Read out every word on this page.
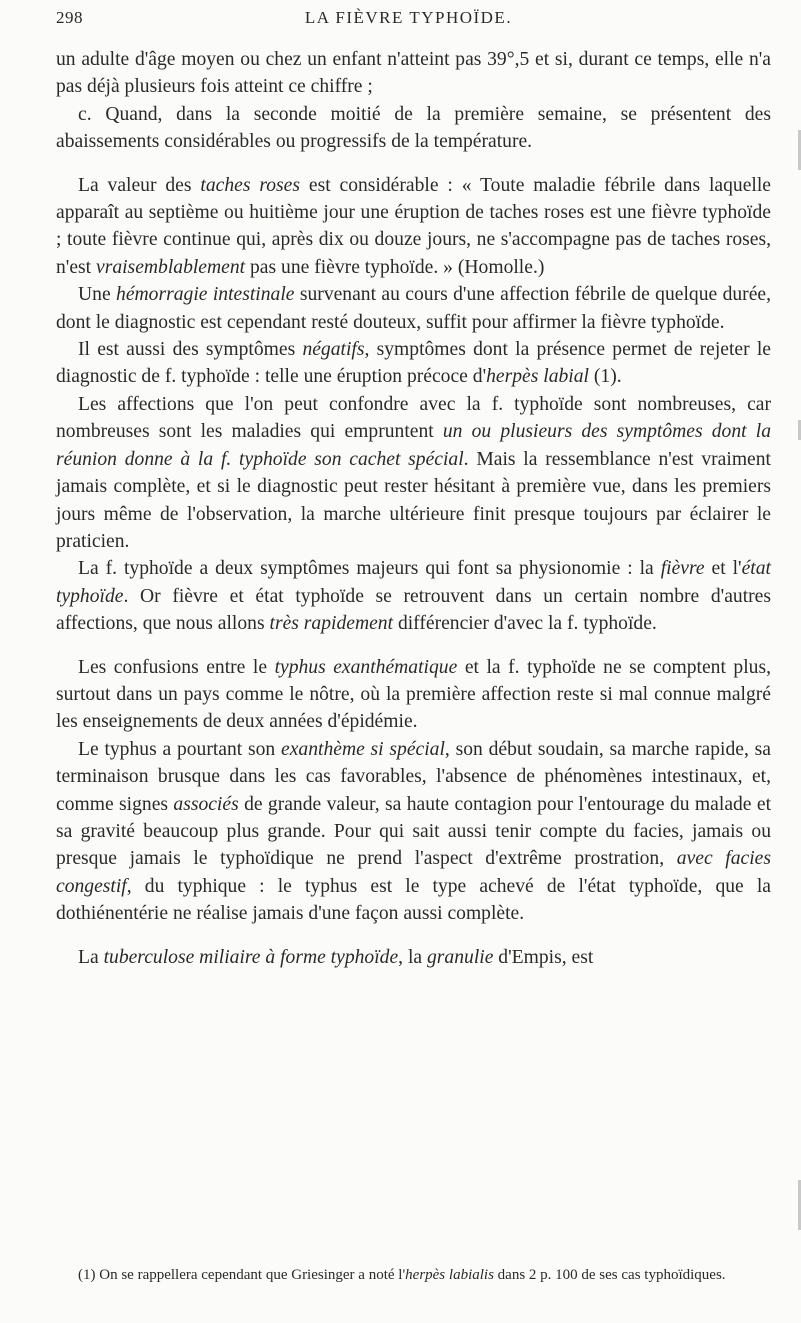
298	LA FIÈVRE TYPHOÏDE.

un adulte d'âge moyen ou chez un enfant n'atteint pas 39°,5 et si, durant ce temps, elle n'a pas déjà plusieurs fois atteint ce chiffre ;

c. Quand, dans la seconde moitié de la première semaine, se présentent des abaissements considérables ou progressifs de la température.

La valeur des taches roses est considérable : « Toute maladie fébrile dans laquelle apparaît au septième ou huitième jour une éruption de taches roses est une fièvre typhoïde ; toute fièvre continue qui, après dix ou douze jours, ne s'accompagne pas de taches roses, n'est vraisemblablement pas une fièvre typhoïde. » (Homolle.)

Une hémorragie intestinale survenant au cours d'une affection fébrile de quelque durée, dont le diagnostic est cependant resté douteux, suffit pour affirmer la fièvre typhoïde.

Il est aussi des symptômes négatifs, symptômes dont la présence permet de rejeter le diagnostic de f. typhoïde : telle une éruption précoce d'herpès labial (1).

Les affections que l'on peut confondre avec la f. typhoïde sont nombreuses, car nombreuses sont les maladies qui empruntent un ou plusieurs des symptômes dont la réunion donne à la f. typhoïde son cachet spécial. Mais la ressemblance n'est vraiment jamais complète, et si le diagnostic peut rester hésitant à première vue, dans les premiers jours même de l'observation, la marche ultérieure finit presque toujours par éclairer le praticien.

La f. typhoïde a deux symptômes majeurs qui font sa physionomie : la fièvre et l'état typhoïde. Or fièvre et état typhoïde se retrouvent dans un certain nombre d'autres affections, que nous allons très rapidement différencier d'avec la f. typhoïde.

Les confusions entre le typhus exanthématique et la f. typhoïde ne se comptent plus, surtout dans un pays comme le nôtre, où la première affection reste si mal connue malgré les enseignements de deux années d'épidémie.

Le typhus a pourtant son exanthème si spécial, son début soudain, sa marche rapide, sa terminaison brusque dans les cas favorables, l'absence de phénomènes intestinaux, et, comme signes associés de grande valeur, sa haute contagion pour l'entourage du malade et sa gravité beaucoup plus grande. Pour qui sait aussi tenir compte du facies, jamais ou presque jamais le typhoïdique ne prend l'aspect d'extrême prostration, avec facies congestif, du typhique : le typhus est le type achevé de l'état typhoïde, que la dothiénentérie ne réalise jamais d'une façon aussi complète.

La tuberculose miliaire à forme typhoïde, la granulie d'Empis, est

(1) On se rappellera cependant que Griesinger a noté l'herpès labialis dans 2 p. 100 de ses cas typhoïdiques.
